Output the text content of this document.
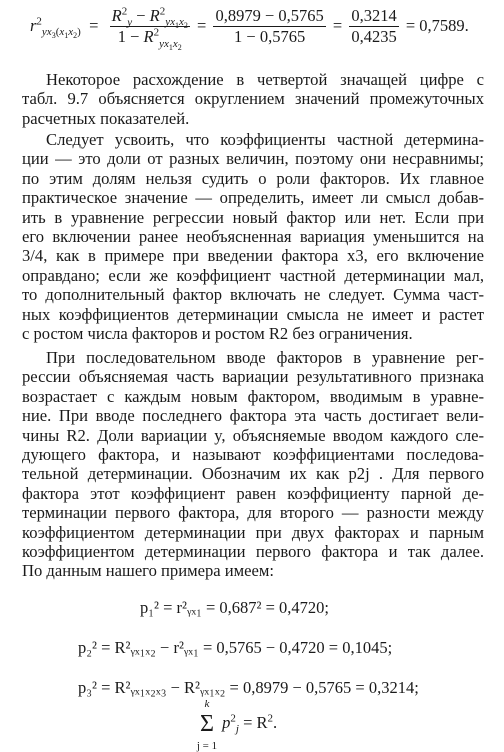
$r^2_{yx_3(x_1x_2)} = \frac{R^2_y - R^2_{yx_1x_2}}{1 - R^2_{yx_1x_2}} = \frac{0,8979 - 0,5765}{1 - 0,5765} = \frac{0,3214}{0,4235} = 0,7589$.
Некоторое расхождение в четвертой значащей цифре с
табл. 9.7 объясняется округлением значений промежуточных
расчетных показателей.
Следует усвоить, что коэффициенты частной детермина-
ции — это доли от разных величин, поэтому они несравнимы;
по этим долям нельзя судить о роли факторов. Их главное
практическое значение — определить, имеет ли смысл добав-
ить в уравнение регрессии новый фактор или нет. Если при
его включении ранее необъясненная вариация уменьшится на
3/4, как в примере при введении фактора x3, его включение
оправдано; если же коэффициент частной детерминации мал,
то дополнительный фактор включать не следует. Сумма част-
ных коэффициентов детерминации смысла не имеет и растет
с ростом числа факторов и ростом R2 без ограничения.
При последовательном вводе факторов в уравнение рег-
рессии объясняемая часть вариации результативного признака
возрастает с каждым новым фактором, вводимым в уравне-
ние. При вводе последнего фактора эта часть достигает вели-
чины R2. Доли вариации y, объясняемые вводом каждого сле-
дующего фактора, и называют коэффициентами последова-
тельной детерминации. Обозначим их как p2j . Для первого
фактора этот коэффициент равен коэффициенту парной де-
терминации первого фактора, для второго — разности между
коэффициентом детерминации при двух факторах и парным
коэффициентом детерминации первого фактора и так далее.
По данным нашего примера имеем:
p₁² = r²ᵧₓ₁ = 0,687² = 0,4720;
p₂² = R²ᵧₓ₁ₓ₂ − r²ᵧₓ₁ = 0,5765 − 0,4720 = 0,1045;
p₃² = R²ᵧₓ₁ₓ₂ₓ₃ − R²ᵧₓ₁ₓ₂ = 0,8979 − 0,5765 = 0,3214;
k
Σ
j = 1
$p^2_j = R^2$.
